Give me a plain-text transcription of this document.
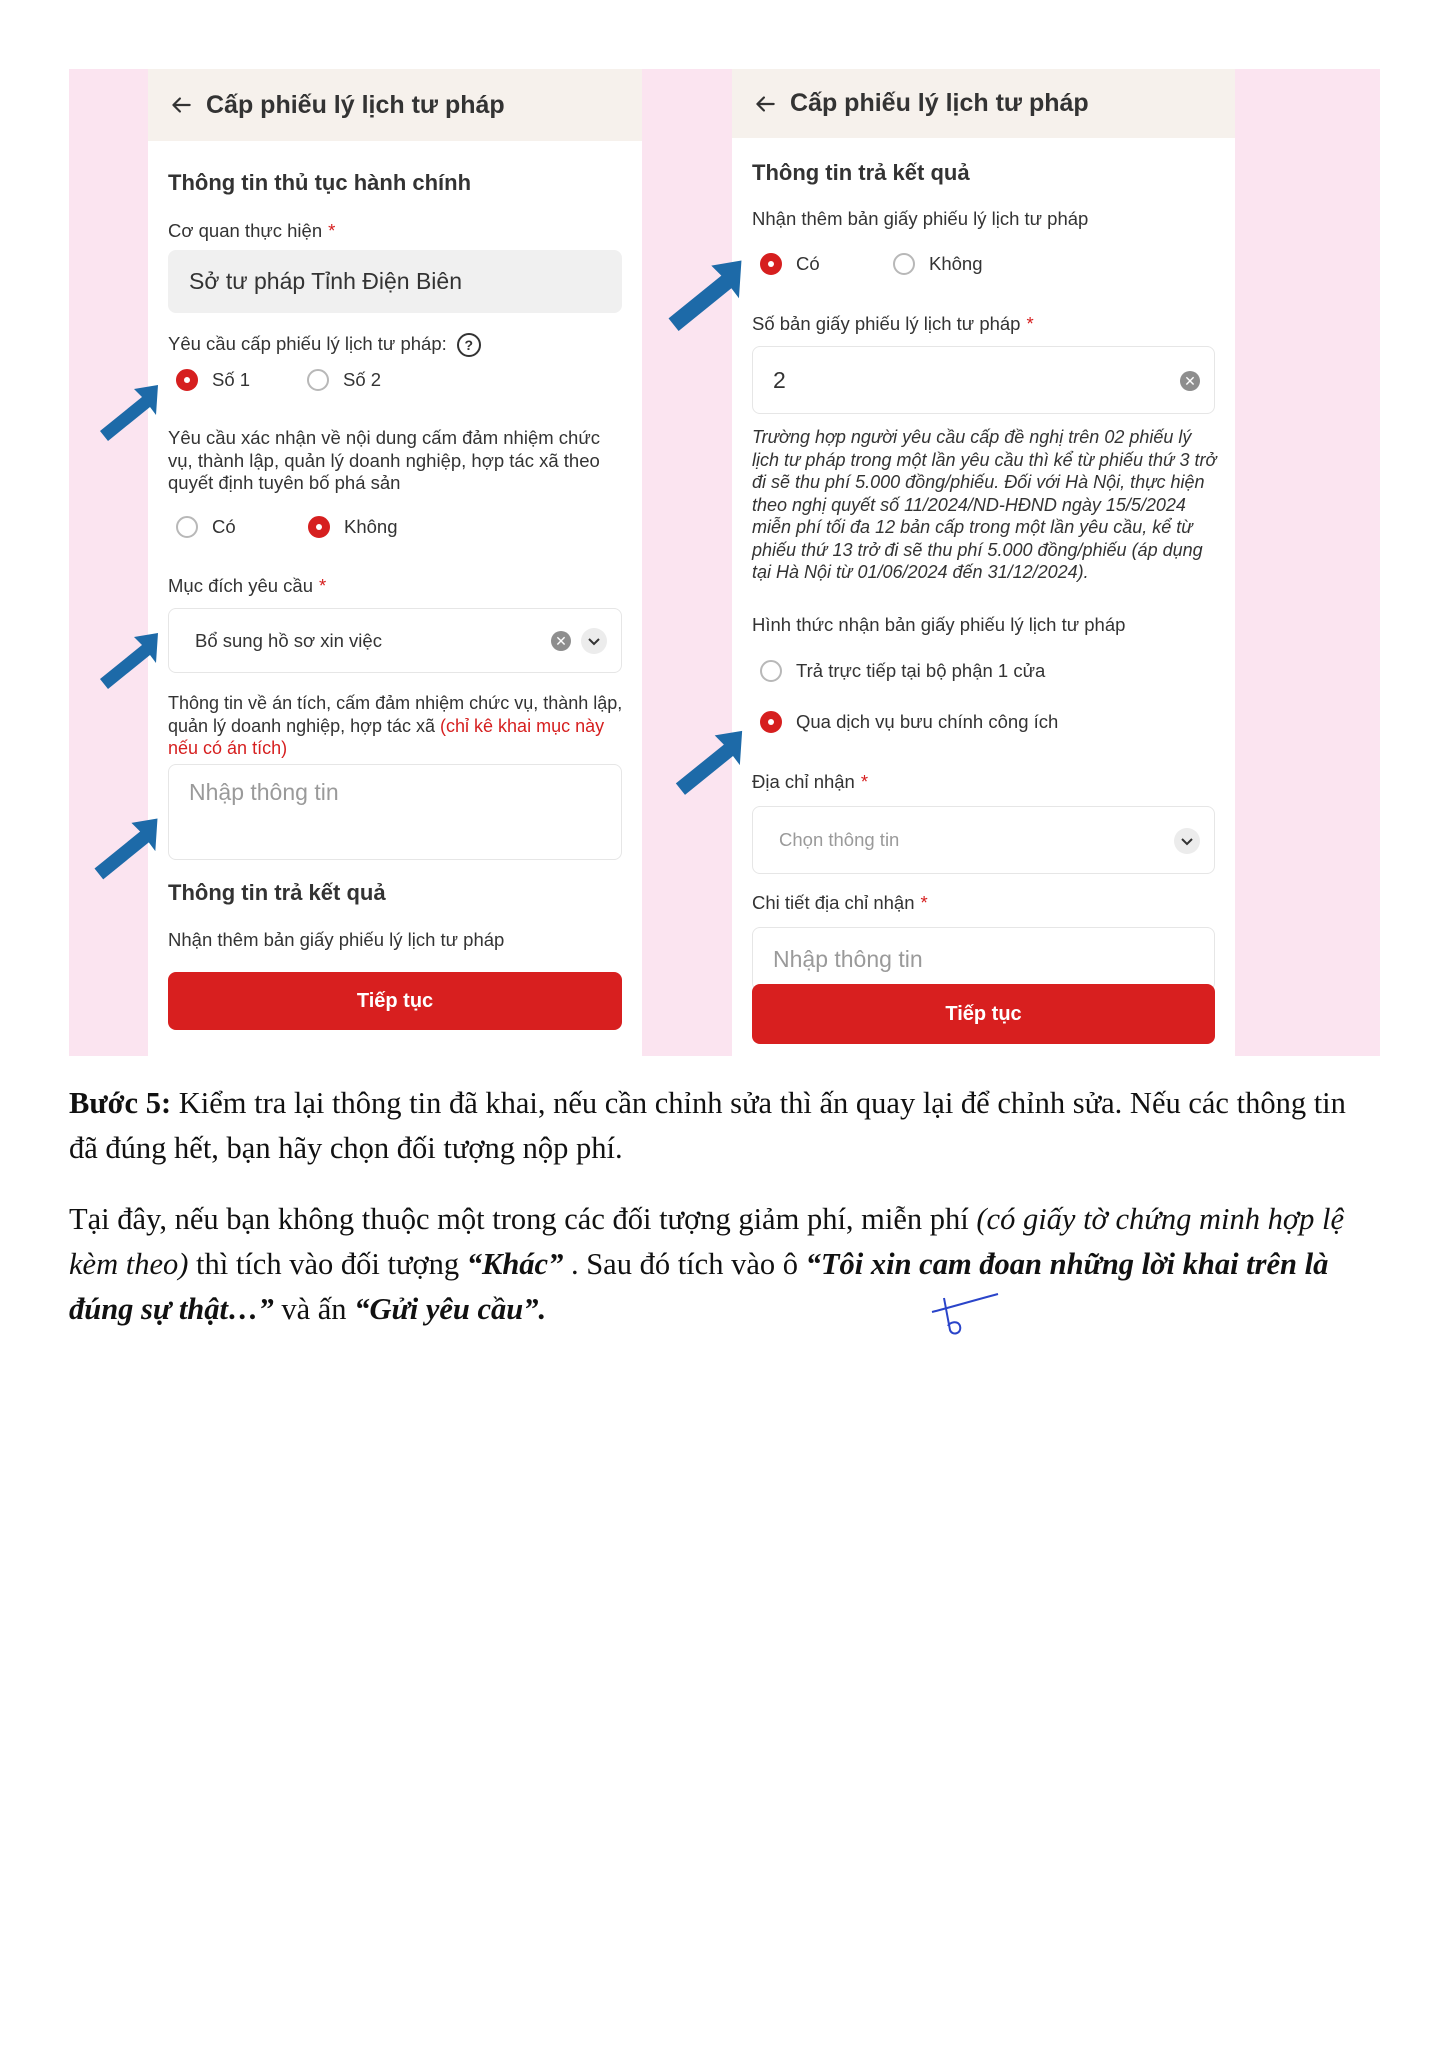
Cấp phiếu lý lịch tư pháp
Thông tin thủ tục hành chính
Cơ quan thực hiện *
Sở tư pháp Tỉnh Điện Biên
Yêu cầu cấp phiếu lý lịch tư pháp: ?
Số 1	Số 2
Yêu cầu xác nhận về nội dung cấm đảm nhiệm chức vụ, thành lập, quản lý doanh nghiệp, hợp tác xã theo quyết định tuyên bố phá sản
Có	Không
Mục đích yêu cầu *
Bổ sung hồ sơ xin việc	✕
Thông tin về án tích, cấm đảm nhiệm chức vụ, thành lập, quản lý doanh nghiệp, hợp tác xã (chỉ kê khai mục này nếu có án tích)
Nhập thông tin
Thông tin trả kết quả
Nhận thêm bản giấy phiếu lý lịch tư pháp
Tiếp tục
Cấp phiếu lý lịch tư pháp
Thông tin trả kết quả
Nhận thêm bản giấy phiếu lý lịch tư pháp
Có	Không
Số bản giấy phiếu lý lịch tư pháp *
2	✕
Trường hợp người yêu cầu cấp đề nghị trên 02 phiếu lý lịch tư pháp trong một lần yêu cầu thì kể từ phiếu thứ 3 trở đi sẽ thu phí 5.000 đồng/phiếu. Đối với Hà Nội, thực hiện theo nghị quyết số 11/2024/ND-HĐND ngày 15/5/2024 miễn phí tối đa 12 bản cấp trong một lần yêu cầu, kể từ phiếu thứ 13 trở đi sẽ thu phí 5.000 đồng/phiếu (áp dụng tại Hà Nội từ 01/06/2024 đến 31/12/2024).
Hình thức nhận bản giấy phiếu lý lịch tư pháp
Trả trực tiếp tại bộ phận 1 cửa
Qua dịch vụ bưu chính công ích
Địa chỉ nhận *
Chọn thông tin
Chi tiết địa chỉ nhận *
Nhập thông tin
Tiếp tục
Bước 5: Kiểm tra lại thông tin đã khai, nếu cần chỉnh sửa thì ấn quay lại để chỉnh sửa. Nếu các thông tin đã đúng hết, bạn hãy chọn đối tượng nộp phí.
Tại đây, nếu bạn không thuộc một trong các đối tượng giảm phí, miễn phí (có giấy tờ chứng minh hợp lệ kèm theo) thì tích vào đối tượng “Khác” . Sau đó tích vào ô “Tôi xin cam đoan những lời khai trên là đúng sự thật…” và ấn “Gửi yêu cầu”.
